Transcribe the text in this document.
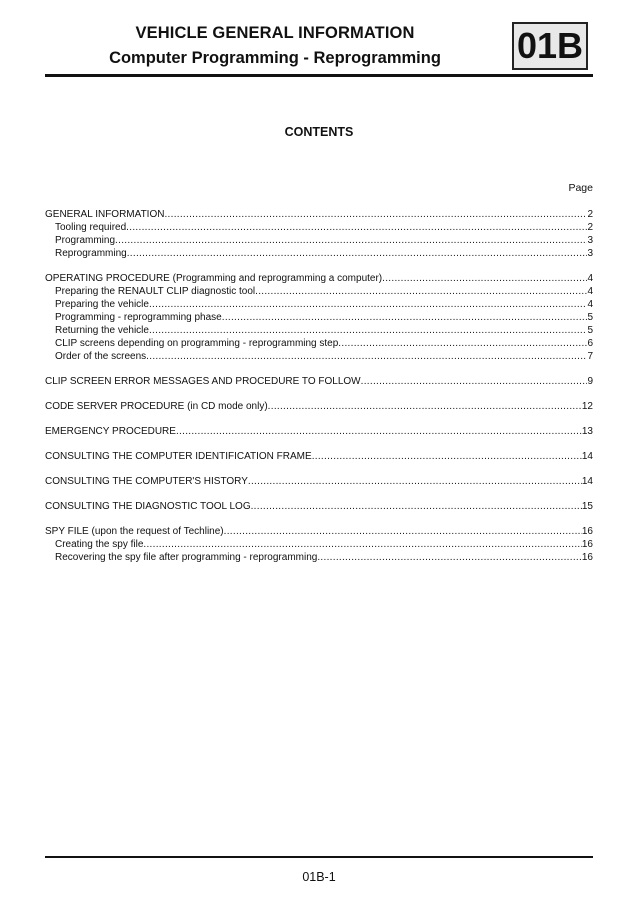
VEHICLE GENERAL INFORMATION
Computer Programming - Reprogramming	01B
CONTENTS
Page
GENERAL INFORMATION .....	2
Tooling required .....	2
Programming .....	3
Reprogramming .....	3
OPERATING PROCEDURE (Programming and reprogramming a computer) .....	4
Preparing the RENAULT CLIP diagnostic tool .....	4
Preparing the vehicle .....	4
Programming - reprogramming phase .....	5
Returning the vehicle .....	5
CLIP screens depending on programming - reprogramming step .....	6
Order of the screens .....	7
CLIP SCREEN ERROR MESSAGES AND PROCEDURE TO FOLLOW .....	9
CODE SERVER PROCEDURE (in CD mode only) .....	12
EMERGENCY PROCEDURE .....	13
CONSULTING THE COMPUTER IDENTIFICATION FRAME .....	14
CONSULTING THE COMPUTER'S HISTORY .....	14
CONSULTING THE DIAGNOSTIC TOOL LOG .....	15
SPY FILE (upon the request of Techline) .....	16
Creating the spy file .....	16
Recovering the spy file after programming - reprogramming .....	16
01B-1
